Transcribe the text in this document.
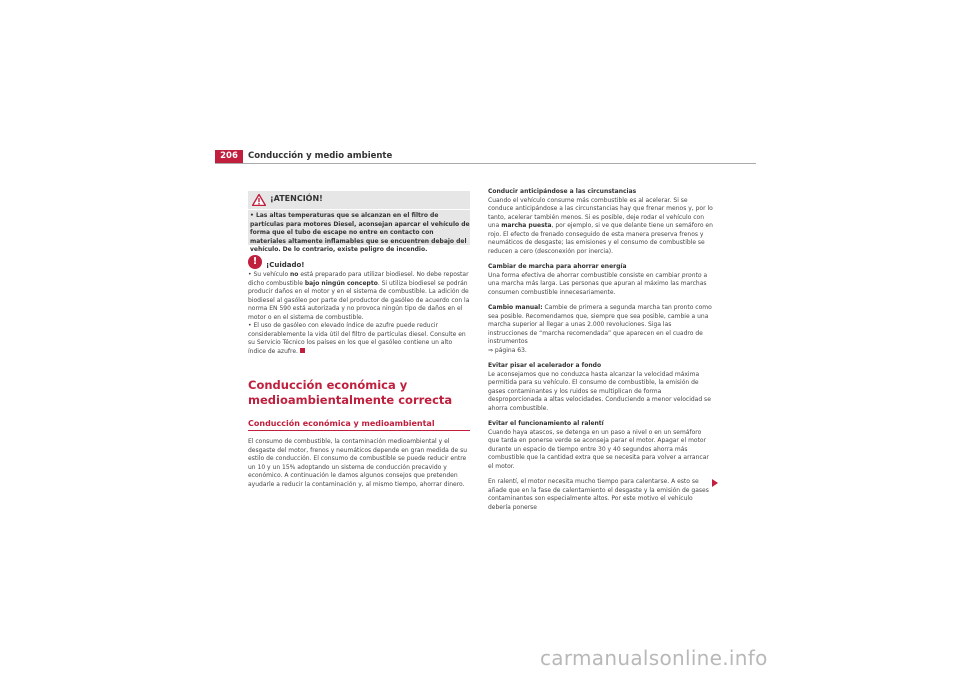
206	Conducción y medio ambiente
¡ATENCIÓN!
• Las altas temperaturas que se alcanzan en el filtro de partículas para motores Diesel, aconsejan aparcar el vehículo de forma que el tubo de escape no entre en contacto con materiales altamente inflamables que se encuentren debajo del vehículo. De lo contrario, existe peligro de incendio.
!	¡Cuidado!
• Su vehículo no está preparado para utilizar biodiesel. No debe repostar dicho combustible bajo ningún concepto. Si utiliza biodiesel se podrán producir daños en el motor y en el sistema de combustible. La adición de biodiesel al gasóleo por parte del productor de gasóleo de acuerdo con la norma EN 590 está autorizada y no provoca ningún tipo de daños en el motor o en el sistema de combustible.
• El uso de gasóleo con elevado índice de azufre puede reducir considerablemente la vida útil del filtro de partículas diesel. Consulte en su Servicio Técnico los países en los que el gasóleo contiene un alto índice de azufre.
Conducción económica y medioambientalmente correcta
Conducción económica y medioambiental
El consumo de combustible, la contaminación medioambiental y el desgaste del motor, frenos y neumáticos depende en gran medida de su estilo de conducción. El consumo de combustible se puede reducir entre un 10 y un 15% adoptando un sistema de conducción precavido y económico. A continuación le damos algunos consejos que pretenden ayudarle a reducir la contaminación y, al mismo tiempo, ahorrar dinero.

Conducir anticipándose a las circunstancias
Cuando el vehículo consume más combustible es al acelerar. Si se conduce anticipándose a las circunstancias hay que frenar menos y, por lo tanto, acelerar también menos. Si es posible, deje rodar el vehículo con una marcha puesta, por ejemplo, si ve que delante tiene un semáforo en rojo. El efecto de frenado conseguido de esta manera preserva frenos y neumáticos de desgaste; las emisiones y el consumo de combustible se reducen a cero (desconexión por inercia).

Cambiar de marcha para ahorrar energía
Una forma efectiva de ahorrar combustible consiste en cambiar pronto a una marcha más larga. Las personas que apuran al máximo las marchas consumen combustible innecesariamente.

Cambio manual: Cambie de primera a segunda marcha tan pronto como sea posible. Recomendamos que, siempre que sea posible, cambie a una marcha superior al llegar a unas 2.000 revoluciones. Siga las instrucciones de “marcha recomendada” que aparecen en el cuadro de instrumentos
⇒ página 63.

Evitar pisar el acelerador a fondo
Le aconsejamos que no conduzca hasta alcanzar la velocidad máxima permitida para su vehículo. El consumo de combustible, la emisión de gases contaminantes y los ruidos se multiplican de forma desproporcionada a altas velocidades. Conduciendo a menor velocidad se ahorra combustible.

Evitar el funcionamiento al ralentí
Cuando haya atascos, se detenga en un paso a nivel o en un semáforo que tarda en ponerse verde se aconseja parar el motor. Apagar el motor durante un espacio de tiempo entre 30 y 40 segundos ahorra más combustible que la cantidad extra que se necesita para volver a arrancar el motor.

En ralentí, el motor necesita mucho tiempo para calentarse. A esto se añade que en la fase de calentamiento el desgaste y la emisión de gases contaminantes son especialmente altos. Por este motivo el vehículo debería ponerse

carmanualsonline.info
